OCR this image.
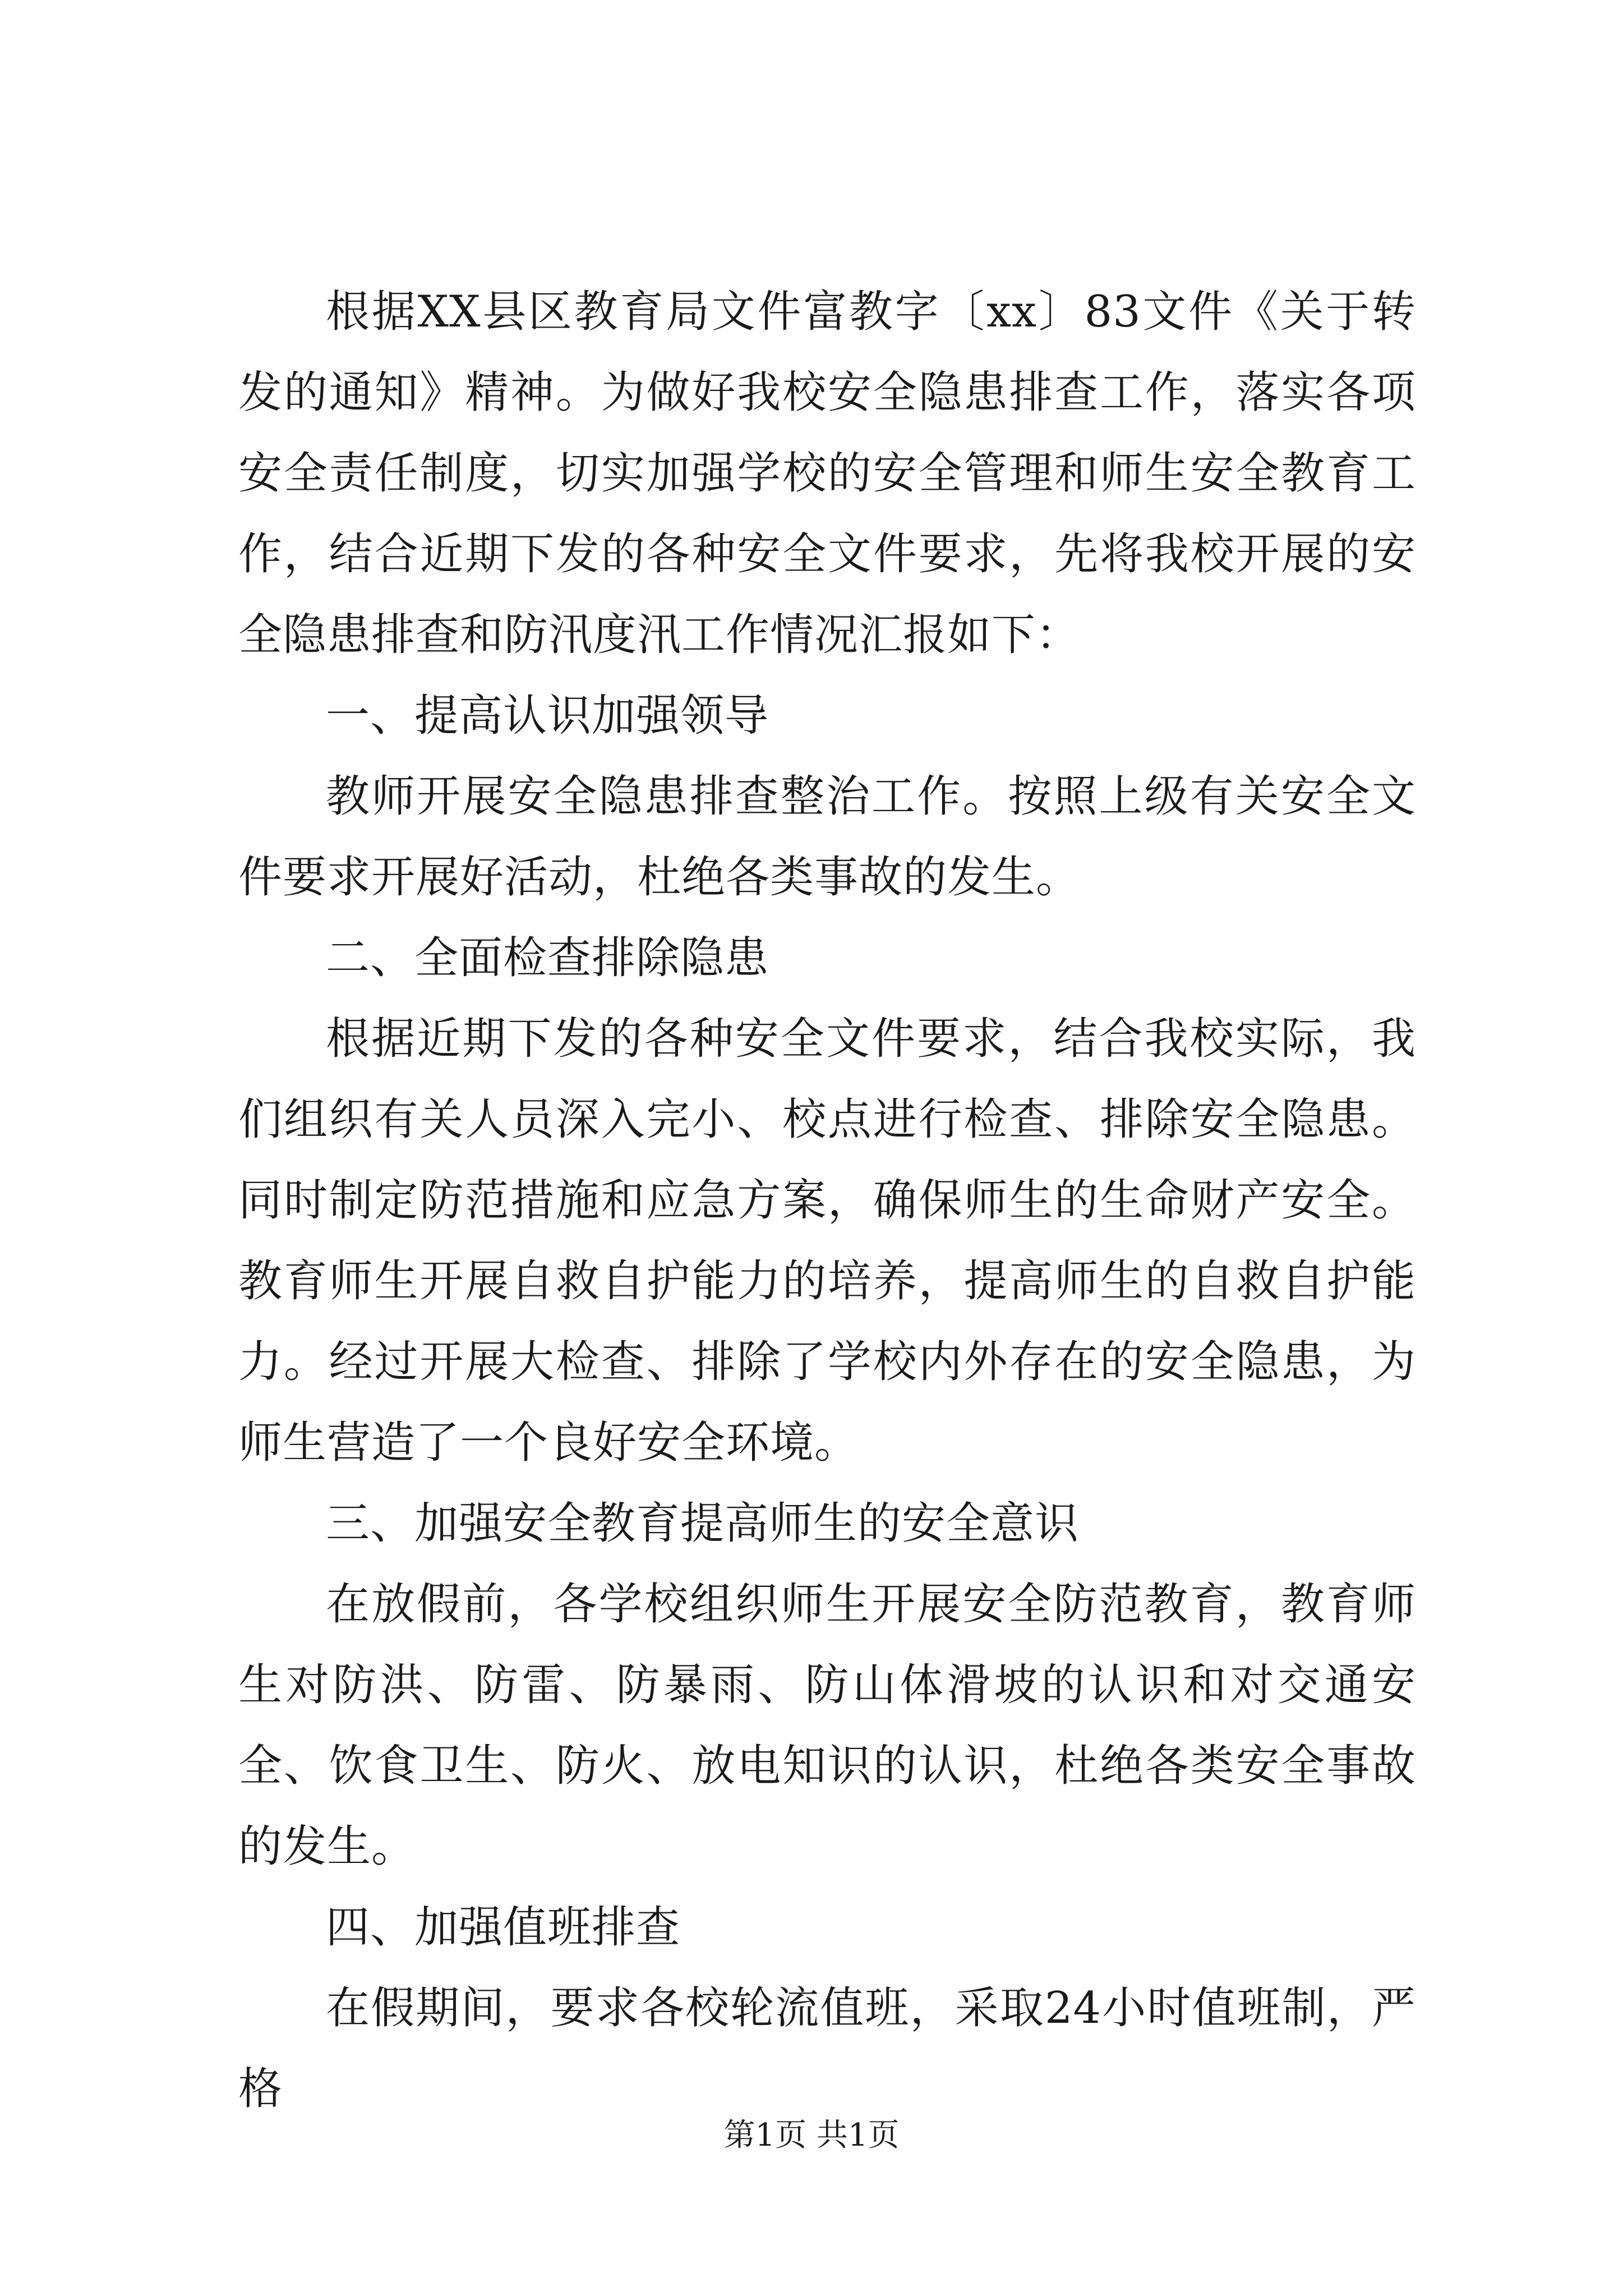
根据XX县区教育局文件富教字〔xx〕83文件《关于转发的通知》精神。为做好我校安全隐患排查工作，落实各项安全责任制度，切实加强学校的安全管理和师生安全教育工作，结合近期下发的各种安全文件要求，先将我校开展的安全隐患排查和防汛度汛工作情况汇报如下：

一、提高认识加强领导

教师开展安全隐患排查整治工作。按照上级有关安全文件要求开展好活动，杜绝各类事故的发生。

二、全面检查排除隐患

根据近期下发的各种安全文件要求，结合我校实际，我们组织有关人员深入完小、校点进行检查、排除安全隐患。同时制定防范措施和应急方案，确保师生的生命财产安全。教育师生开展自救自护能力的培养，提高师生的自救自护能力。经过开展大检查、排除了学校内外存在的安全隐患，为师生营造了一个良好安全环境。

三、加强安全教育提高师生的安全意识

在放假前，各学校组织师生开展安全防范教育，教育师生对防洪、防雷、防暴雨、防山体滑坡的认识和对交通安全、饮食卫生、防火、放电知识的认识，杜绝各类安全事故的发生。

四、加强值班排查

在假期间，要求各校轮流值班，采取24小时值班制，严格

第1页 共1页
